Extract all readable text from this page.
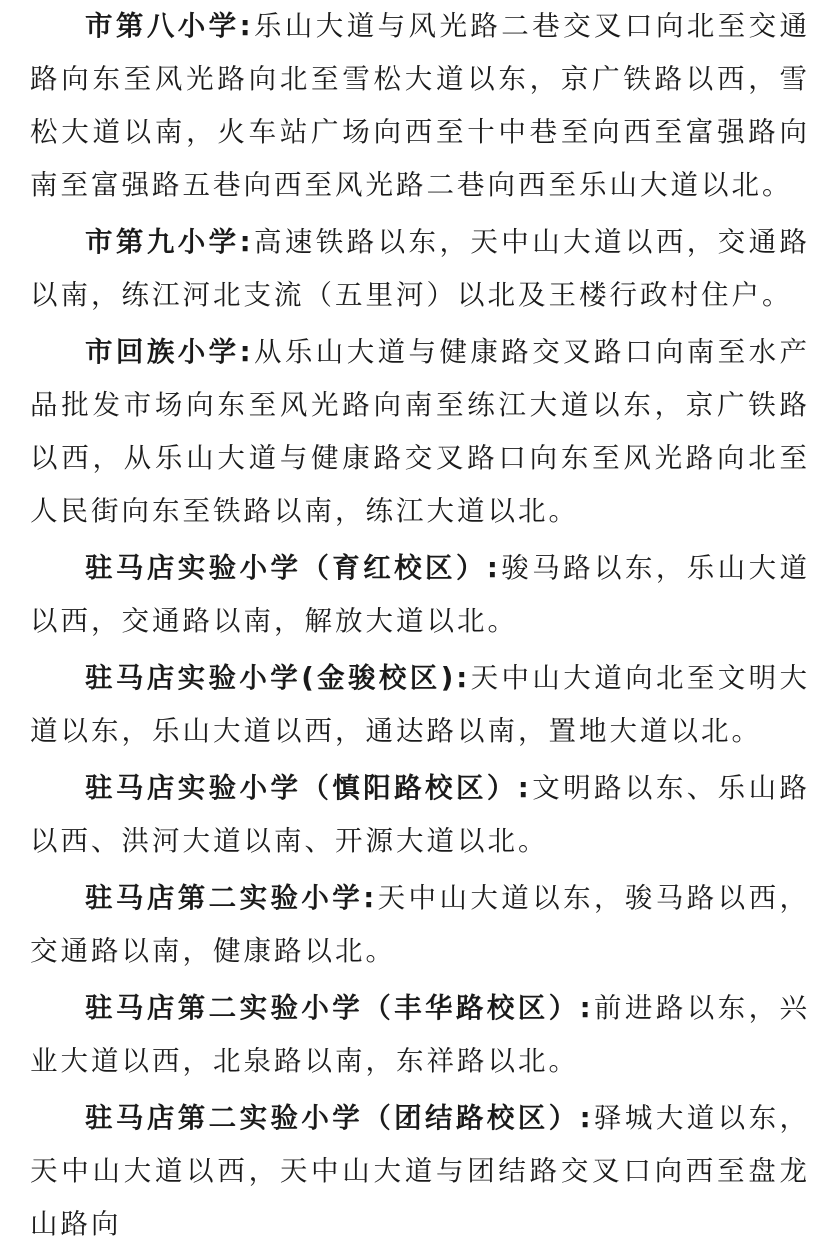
市第八小学:乐山大道与风光路二巷交叉口向北至交通路向东至风光路向北至雪松大道以东，京广铁路以西，雪松大道以南，火车站广场向西至十中巷至向西至富强路向南至富强路五巷向西至风光路二巷向西至乐山大道以北。

市第九小学:高速铁路以东，天中山大道以西，交通路以南，练江河北支流（五里河）以北及王楼行政村住户。

市回族小学:从乐山大道与健康路交叉路口向南至水产品批发市场向东至风光路向南至练江大道以东，京广铁路以西，从乐山大道与健康路交叉路口向东至风光路向北至人民街向东至铁路以南，练江大道以北。

驻马店实验小学（育红校区）:骏马路以东，乐山大道以西，交通路以南，解放大道以北。

驻马店实验小学(金骏校区):天中山大道向北至文明大道以东，乐山大道以西，通达路以南，置地大道以北。

驻马店实验小学（慎阳路校区）:文明路以东、乐山路以西、洪河大道以南、开源大道以北。

驻马店第二实验小学:天中山大道以东，骏马路以西，交通路以南，健康路以北。

驻马店第二实验小学（丰华路校区）:前进路以东，兴业大道以西，北泉路以南，东祥路以北。

驻马店第二实验小学（团结路校区）:驿城大道以东，天中山大道以西，天中山大道与团结路交叉口向西至盘龙山路向
